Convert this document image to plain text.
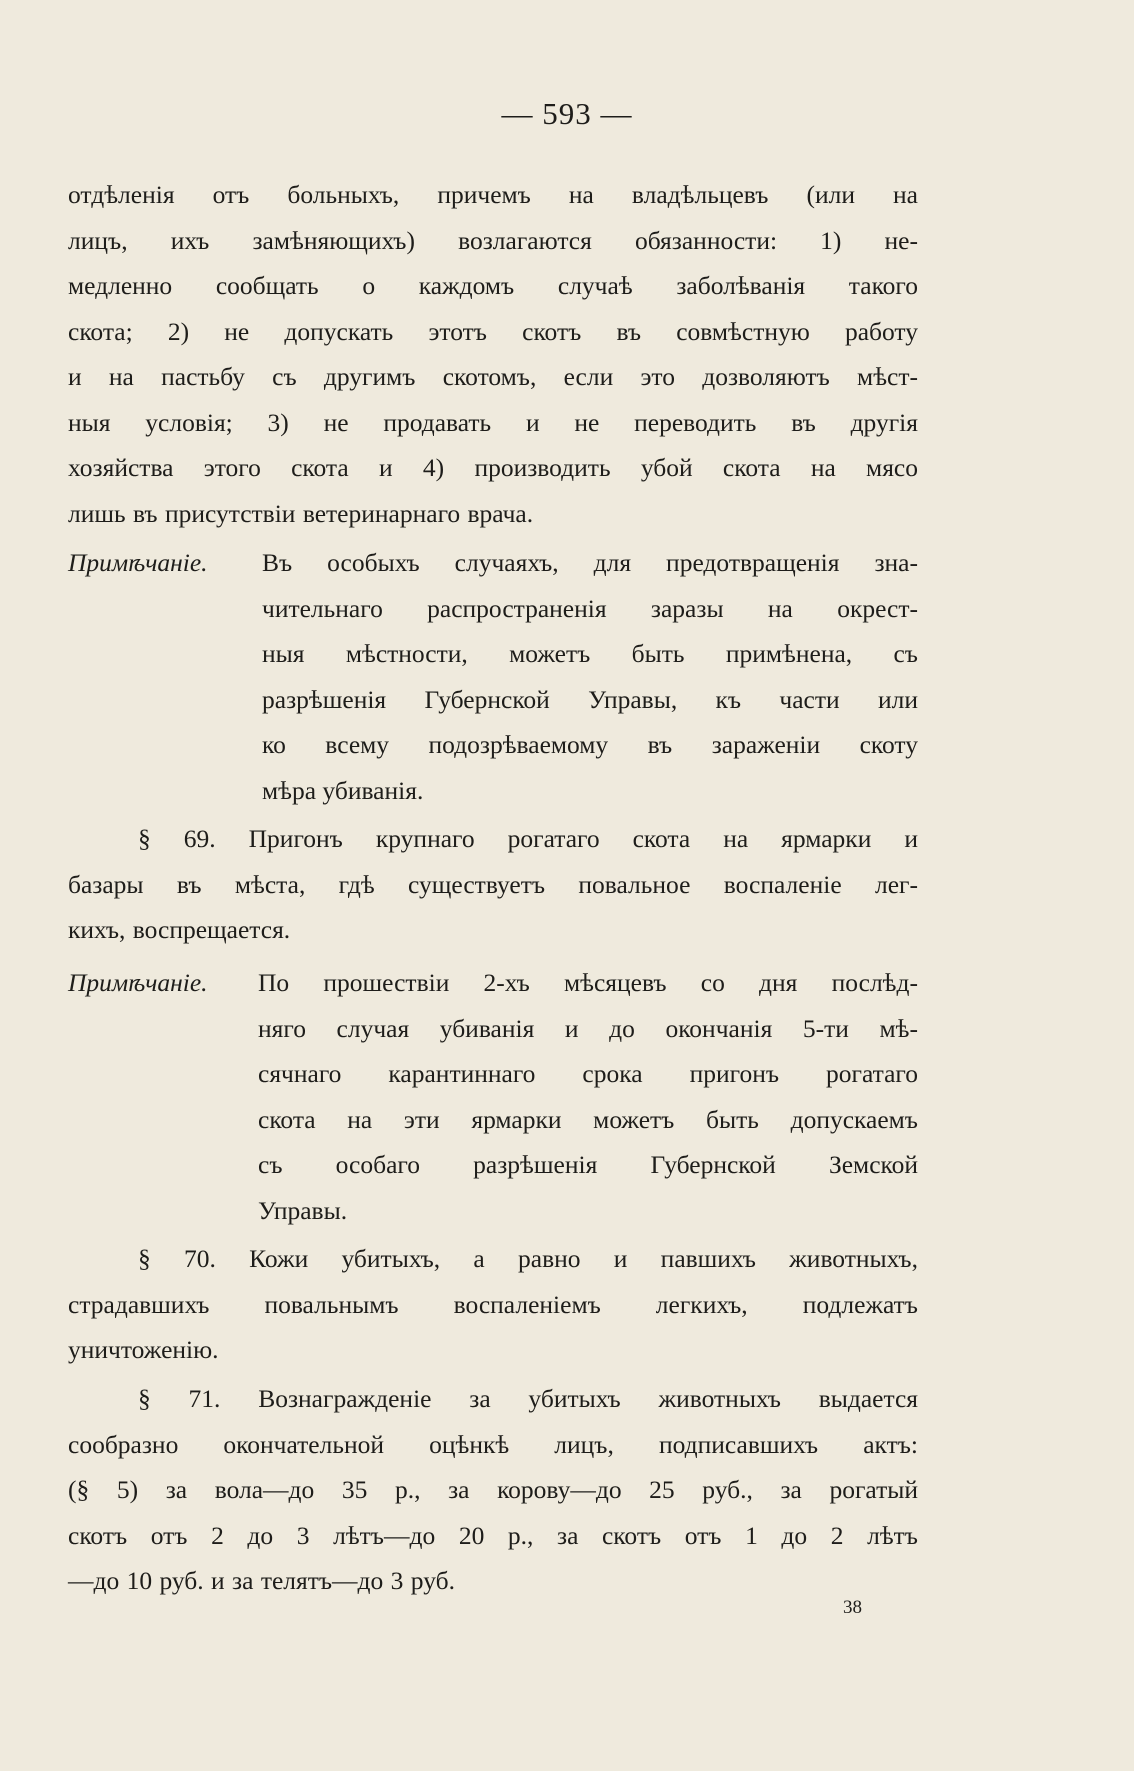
— 593 —
отдѣленія отъ больныхъ, причемъ на владѣльцевъ (или на
лицъ, ихъ замѣняющихъ) возлагаются обязанности: 1) не-
медленно сообщать о каждомъ случаѣ заболѣванія такого
скота; 2) не допускать этотъ скотъ въ совмѣстную работу
и на пастьбу съ другимъ скотомъ, если это дозволяютъ мѣст-
ныя условія; 3) не продавать и не переводить въ другія
хозяйства этого скота и 4) производить убой скота на мясо
лишь въ присутствіи ветеринарнаго врача.
Примѣчаніе. Въ особыхъ случаяхъ, для предотвращенія зна-
чительнаго распространенія заразы на окрест-
ныя мѣстности, можетъ быть примѣнена, съ
разрѣшенія Губернской Управы, къ части или
ко всему подозрѣваемому въ зараженіи скоту
мѣра убиванія.
§ 69. Пригонъ крупнаго рогатаго скота на ярмарки и
базары въ мѣста, гдѣ существуетъ повальное воспаленіе лег-
кихъ, воспрещается.
Примѣчаніе. По прошествіи 2-хъ мѣсяцевъ со дня послѣд-
няго случая убиванія и до окончанія 5-ти мѣ-
сячнаго карантиннаго срока пригонъ рогатаго
скота на эти ярмарки можетъ быть допускаемъ
съ особаго разрѣшенія Губернской Земской
Управы.
§ 70. Кожи убитыхъ, а равно и павшихъ животныхъ,
страдавшихъ повальнымъ воспаленіемъ легкихъ, подлежатъ
уничтоженію.
§ 71. Вознагражденіе за убитыхъ животныхъ выдается
сообразно окончательной оцѣнкѣ лицъ, подписавшихъ актъ:
(§ 5) за вола—до 35 р., за корову—до 25 руб., за рогатый
скотъ отъ 2 до 3 лѣтъ—до 20 р., за скотъ отъ 1 до 2 лѣтъ
—до 10 руб. и за телятъ—до 3 руб.
38
